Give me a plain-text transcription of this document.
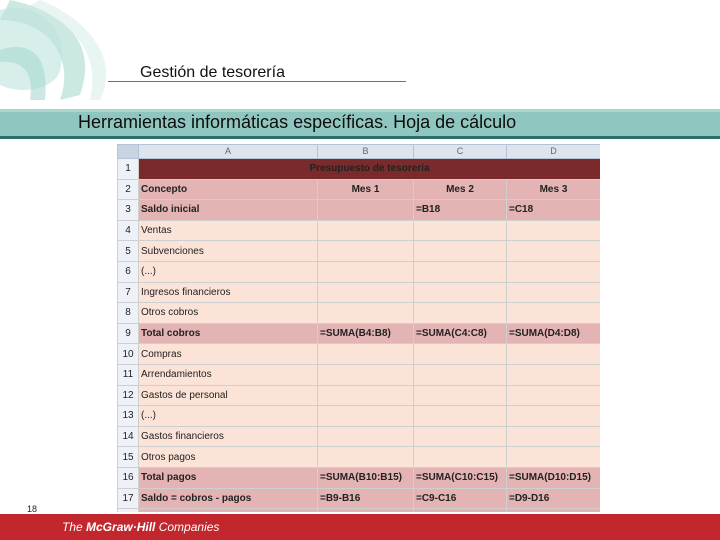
Gestión de tesorería
Herramientas informáticas específicas. Hoja de cálculo
	A	B	C	D
1	Presupuesto de tesorería			
2	Concepto	Mes 1	Mes 2	Mes 3
3	Saldo inicial		=B18	=C18
4	Ventas			
5	Subvenciones			
6	(...)			
7	Ingresos financieros			
8	Otros cobros			
9	Total cobros	=SUMA(B4:B8)	=SUMA(C4:C8)	=SUMA(D4:D8)
10	Compras			
11	Arrendamientos			
12	Gastos de personal			
13	(...)			
14	Gastos financieros			
15	Otros pagos			
16	Total pagos	=SUMA(B10:B15)	=SUMA(C10:C15)	=SUMA(D10:D15)
17	Saldo = cobros - pagos	=B9-B16	=C9-C16	=D9-D16

18
The McGraw·Hill Companies
